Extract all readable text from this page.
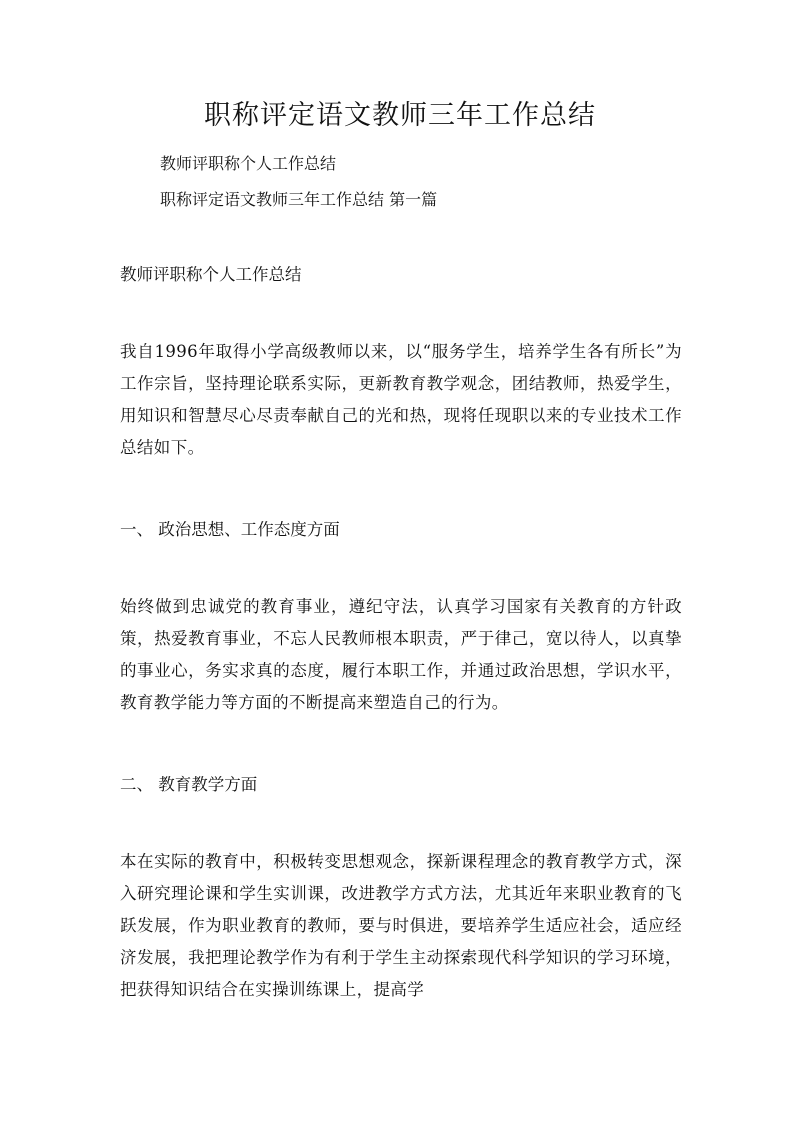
职称评定语文教师三年工作总结

教师评职称个人工作总结

职称评定语文教师三年工作总结 第一篇

教师评职称个人工作总结

我自1996年取得小学高级教师以来，以“服务学生，培养学生各有所长”为工作宗旨，坚持理论联系实际，更新教育教学观念，团结教师，热爱学生，用知识和智慧尽心尽责奉献自己的光和热，现将任现职以来的专业技术工作总结如下。

一、 政治思想、工作态度方面

始终做到忠诚党的教育事业，遵纪守法，认真学习国家有关教育的方针政策，热爱教育事业，不忘人民教师根本职责，严于律己，宽以待人，以真挚的事业心，务实求真的态度，履行本职工作，并通过政治思想，学识水平，教育教学能力等方面的不断提高来塑造自己的行为。

二、 教育教学方面

本在实际的教育中，积极转变思想观念，探新课程理念的教育教学方式，深入研究理论课和学生实训课，改进教学方式方法，尤其近年来职业教育的飞跃发展，作为职业教育的教师，要与时俱进，要培养学生适应社会，适应经济发展，我把理论教学作为有利于学生主动探索现代科学知识的学习环境，把获得知识结合在实操训练课上，提高学
